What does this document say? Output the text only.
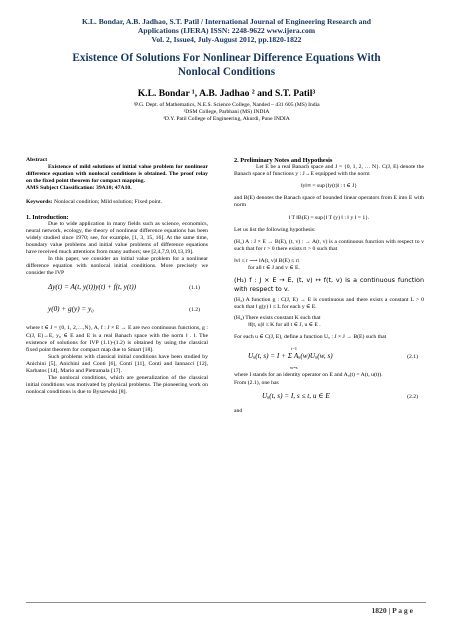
K.L. Bondar, A.B. Jadhao, S.T. Patil / International Journal of Engineering Research and
Applications (IJERA) ISSN: 2248-9622 www.ijera.com
Vol. 2, Issue4, July-August 2012, pp.1820-1822
Existence Of Solutions For Nonlinear Difference Equations With
Nonlocal Conditions
K.L. Bondar ¹, A.B. Jadhao ² and S.T. Patil³
¹P.G. Dept. of Mathematics, N.E.S. Science College, Nanded – 431 605 (MS) India
²DSM College, Parbhani (MS) INDIA
³D.Y. Patil College of Engineering, Akurdi, Pune INDIA

Abstract

Existence of mild solutions of initial value problem for nonlinear difference equation with nonlocal conditions is obtained. The proof relay on the fixed point theorem for compact mapping.

AMS Subject Classification: 39A10; 47A10.

Keywords: Nonlocal condition; Mild solution; Fixed point.

1. Introduction:

Due to wide application in many fields such as science, economics, neural network, ecology, the theory of nonlinear difference equations has been widely studied since 1970; see, for example, [1, 3, 15, 16]. At the same time, boundary value problems and initial value problems of difference equations have received much attentions from many authors; see [2,4,7,9,10,13,19].

In this paper, we consider an initial value problem for a nonlinear difference equation with nonlocal initial conditions. More precisely we consider the IVP

Δy(t) = A(t, y(t))y(t) + f(t, y(t))	(1.1)
y(0) + g(y) = y₀	(1.2)

where t ∈ J = {0, 1, 2,…,N}, A, f : J × E → E are two continuous functions, g : C(J, E)→E, y₀ ∈ E and E is a real Banach space with the norm ‖ . ‖. The existence of solutions for IVP (1.1)-(1.2) is obtained by using the classical fixed point theorem for compact map due to Smart [18].

Such problems with classical initial conditions have been studied by Anichini [5], Anichini and Conti [6], Conti [11], Conti and Iannacci [12], Karbatos [14], Mario and Pietramala [17].

The nonlocal conditions, which are generalization of the classical initial conditions was motivated by physical problems. The pioneering work on nonlocal conditions is due to Byszewski [8].

2. Preliminary Notes and Hypothesis

Let E be a real Banach space and J = {0, 1, 2, … N}. C(J, E) denote the Banach space of functions y : J→E equipped with the norm

‖y‖∞ = sup{‖y(t)‖ : t ∈ J}

and B(E) denotes the Banach space of bounded linear operators from E into E with norm

‖ T ‖B(E) = sup{‖ T (y) ‖ : ‖ y ‖ = 1}.

Let us list the following hypothesis:

(H₁) A : J × E → B(E), (t, v) : → A(t, v) is a continuous function with respect to v such that for r > 0 there exists rₗ > 0 such that

‖v‖ ≤ r ⟶ ‖A(t, v)‖ B(E) ≤ rₗ

for all t ∈ J and v ∈ E.

(H₂) f : J × E → E, (t, v) ↦ f(t, v) is a continuous function with respect to v.

(H₃) A function g : C(J, E) → E is continuous and there exists a constant L > 0 such that ‖ g(y) ‖ ≤ L for each y ∈ E.

(H₄) There exists constant K such that

‖f(t, u)‖ ≤ K for all t ∈ J, u ∈ E .

For each u ∈ C(J, E), define a function Uᵤ : J × J → B(E) such that

t−1
Uᵤ(t, s) = I + Σ Aᵤ(w)Uᵤ(w, s)
w=s
(2.1)

where I stands for an identity operator on E and Aᵤ(t) = A(t, u(t)).

From (2.1), one has

Uᵤ(t, s) = I, s ≤ t, u ∈ E	(2.2)

and

1820 | P a g e
